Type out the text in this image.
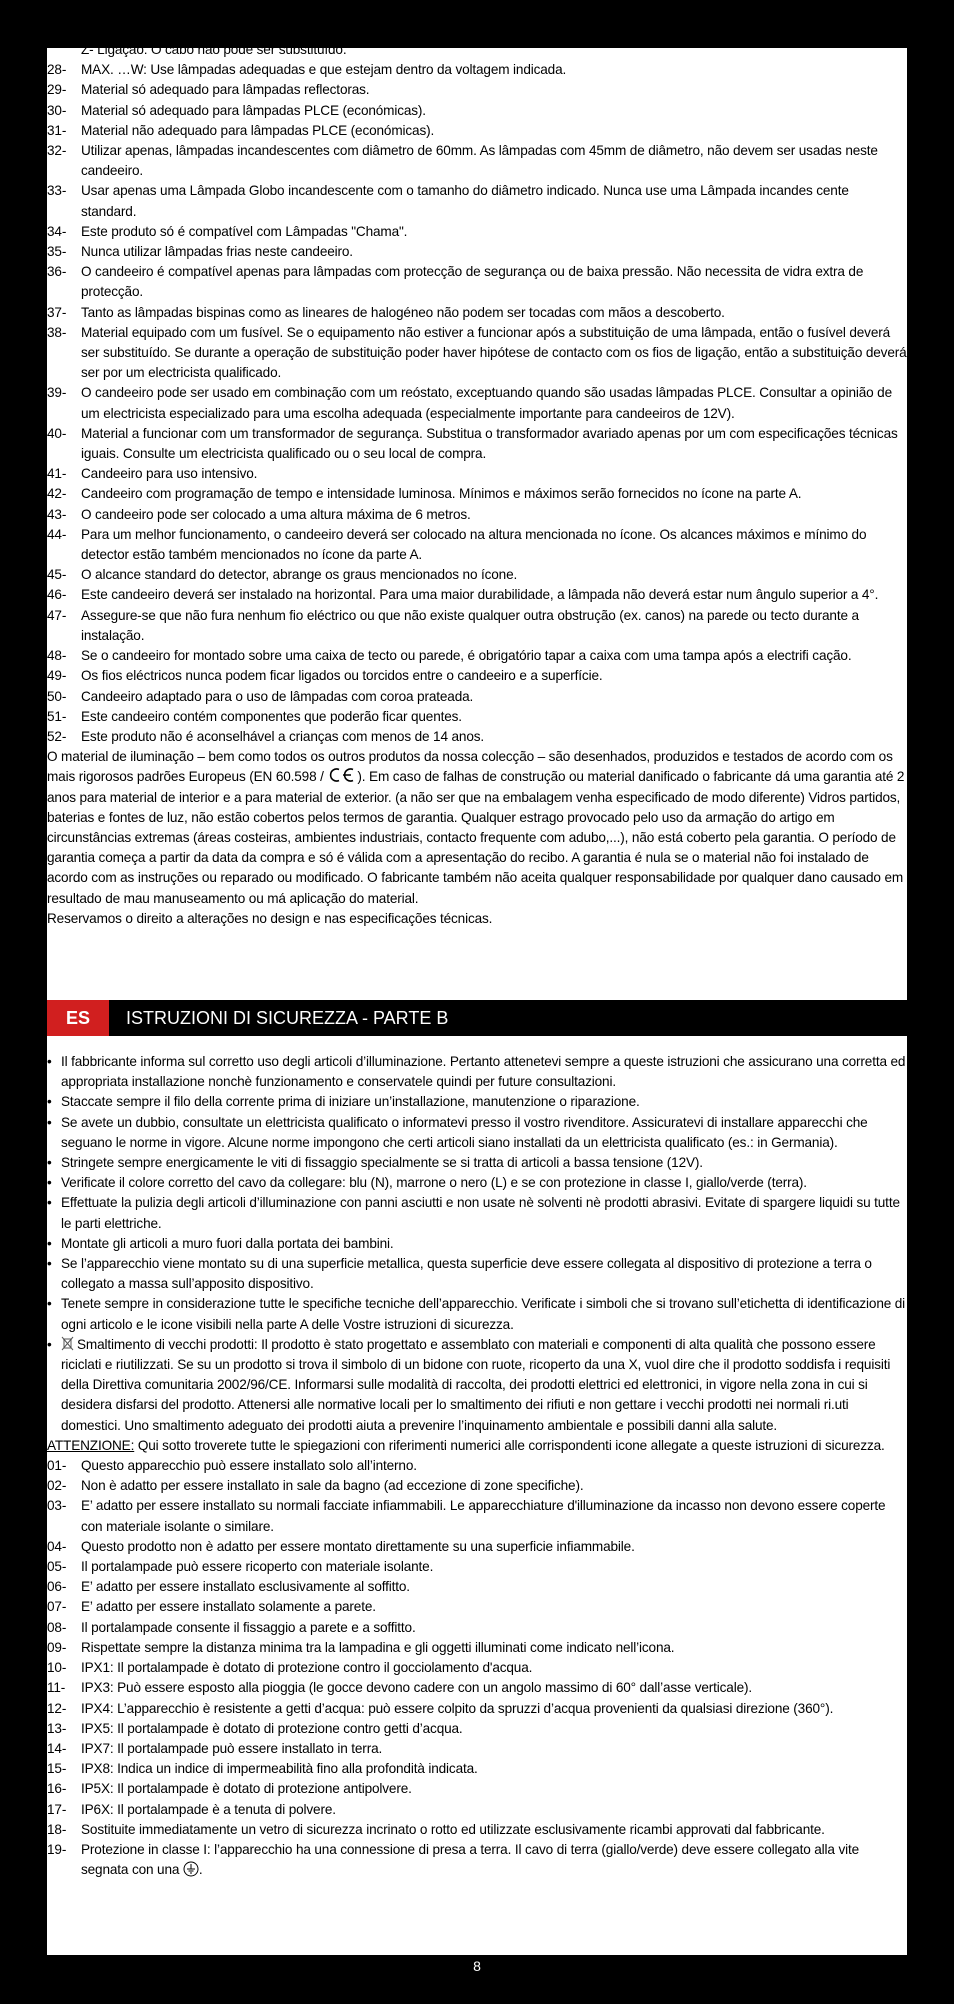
Z- Ligação: O cabo não pode ser substituído.
28-	MAX. …W: Use lâmpadas adequadas e que estejam dentro da voltagem indicada.
29-	Material só adequado para lâmpadas reflectoras.
30-	Material só adequado para lâmpadas PLCE (económicas).
31-	Material não adequado para lâmpadas PLCE (económicas).
32-	Utilizar apenas, lâmpadas incandescentes com diâmetro de 60mm. As lâmpadas com 45mm de diâmetro, não devem ser usadas neste candeeiro.
33-	Usar apenas uma Lâmpada Globo incandescente com o tamanho do diâmetro indicado. Nunca use uma Lâmpada incandes cente standard.
34-	Este produto só é compatível com Lâmpadas "Chama".
35-	Nunca utilizar lâmpadas frias neste candeeiro.
36-	O candeeiro é compatível apenas para lâmpadas com protecção de segurança ou de baixa pressão. Não necessita de vidra extra de protecção.
37-	Tanto as lâmpadas bispinas como as lineares de halogéneo não podem ser tocadas com mãos a descoberto.
38-	Material equipado com um fusível. Se o equipamento não estiver a funcionar após a substituição de uma lâmpada, então o fusível deverá ser substituído. Se durante a operação de substituição poder haver hipótese de contacto com os fios de ligação, então a substituição deverá ser por um electricista qualificado.
39-	O candeeiro pode ser usado em combinação com um reóstato, exceptuando quando são usadas lâmpadas PLCE. Consultar a opinião de um electricista especializado para uma escolha adequada (especialmente importante para candeeiros de 12V).
40-	Material a funcionar com um transformador de segurança. Substitua o transformador avariado apenas por um com especificações técnicas iguais. Consulte um electricista qualificado ou o seu local de compra.
41-	Candeeiro para uso intensivo.
42-	Candeeiro com programação de tempo e intensidade luminosa. Mínimos e máximos serão fornecidos no ícone na parte A.
43-	O candeeiro pode ser colocado a uma altura máxima de 6 metros.
44-	Para um melhor funcionamento, o candeeiro deverá ser colocado na altura mencionada no ícone. Os alcances máximos e mínimo do detector estão também mencionados no ícone da parte A.
45-	O alcance standard do detector, abrange os graus mencionados no ícone.
46-	Este candeeiro deverá ser instalado na horizontal. Para uma maior durabilidade, a lâmpada não deverá estar num ângulo superior a 4°.
47-	Assegure-se que não fura nenhum fio eléctrico ou que não existe qualquer outra obstrução (ex. canos) na parede ou tecto durante a instalação.
48-	Se o candeeiro for montado sobre uma caixa de tecto ou parede, é obrigatório tapar a caixa com uma tampa após a electrifi cação.
49-	Os fios eléctricos nunca podem ficar ligados ou torcidos entre o candeeiro e a superfície.
50-	Candeeiro adaptado para o uso de lâmpadas com coroa prateada.
51-	Este candeeiro contém componentes que poderão ficar quentes.
52-	Este produto não é aconselhável a crianças com menos de 14 anos.
O material de iluminação – bem como todos os outros produtos da nossa colecção – são desenhados, produzidos e testados de acordo com os mais rigorosos padrões Europeus (EN 60.598 / ). Em caso de falhas de construção ou material danificado o fabricante dá uma garantia até 2 anos para material de interior e a para material de exterior. (a não ser que na embalagem venha especificado de modo diferente) Vidros partidos, baterias e fontes de luz, não estão cobertos pelos termos de garantia. Qualquer estrago provocado pelo uso da armação do artigo em circunstâncias extremas (áreas costeiras, ambientes industriais, contacto frequente com adubo,...), não está coberto pela garantia. O período de garantia começa a partir da data da compra e só é válida com a apresentação do recibo. A garantia é nula se o material não foi instalado de acordo com as instruções ou reparado ou modificado. O fabricante também não aceita qualquer responsabilidade por qualquer dano causado em resultado de mau manuseamento ou má aplicação do material.
Reservamos o direito a alterações no design e nas especificações técnicas.
ES	ISTRUZIONI DI SICUREZZA - PARTE B
• Il fabbricante informa sul corretto uso degli articoli d’illuminazione. Pertanto attenetevi sempre a queste istruzioni che assicurano una corretta ed appropriata installazione nonchè funzionamento e conservatele quindi per future consultazioni.
• Staccate sempre il filo della corrente prima di iniziare un’installazione, manutenzione o riparazione.
• Se avete un dubbio, consultate un elettricista qualificato o informatevi presso il vostro rivenditore. Assicuratevi di installare apparecchi che seguano le norme in vigore. Alcune norme impongono che certi articoli siano installati da un elettricista qualificato (es.: in Germania).
• Stringete sempre energicamente le viti di fissaggio specialmente se si tratta di articoli a bassa tensione (12V).
• Verificate il colore corretto del cavo da collegare: blu (N), marrone o nero (L) e se con protezione in classe I, giallo/verde (terra).
• Effettuate la pulizia degli articoli d’illuminazione con panni asciutti e non usate nè solventi nè prodotti abrasivi. Evitate di spargere liquidi su tutte le parti elettriche.
• Montate gli articoli a muro fuori dalla portata dei bambini.
• Se l’apparecchio viene montato su di una superficie metallica, questa superficie deve essere collegata al dispositivo di protezione a terra o collegato a massa sull’apposito dispositivo.
• Tenete sempre in considerazione tutte le specifiche tecniche dell’apparecchio. Verificate i simboli che si trovano sull’etichetta di identificazione di ogni articolo e le icone visibili nella parte A delle Vostre istruzioni di sicurezza.
•	Smaltimento di vecchi prodotti: Il prodotto è stato progettato e assemblato con materiali e componenti di alta qualità che possono essere riciclati e riutilizzati. Se su un prodotto si trova il simbolo di un bidone con ruote, ricoperto da una X, vuol dire che il prodotto soddisfa i requisiti della Direttiva comunitaria 2002/96/CE. Informarsi sulle modalità di raccolta, dei prodotti elettrici ed elettronici, in vigore nella zona in cui si desidera disfarsi del prodotto. Attenersi alle normative locali per lo smaltimento dei rifiuti e non gettare i vecchi prodotti nei normali ri.uti domestici. Uno smaltimento adeguato dei prodotti aiuta a prevenire l’inquinamento ambientale e possibili danni alla salute.
ATTENZIONE: Qui sotto troverete tutte le spiegazioni con riferimenti numerici alle corrispondenti icone allegate a queste istruzioni di sicurezza.
01-	Questo apparecchio può essere installato solo all’interno.
02-	Non è adatto per essere installato in sale da bagno (ad eccezione di zone specifiche).
03-	E’ adatto per essere installato su normali facciate infiammabili. Le apparecchiature d'illuminazione da incasso non devono essere coperte con materiale isolante o similare.
04-	Questo prodotto non è adatto per essere montato direttamente su una superficie infiammabile.
05-	Il portalampade può essere ricoperto con materiale isolante.
06-	E’ adatto per essere installato esclusivamente al soffitto.
07-	E’ adatto per essere installato solamente a parete.
08-	Il portalampade consente il fissaggio a parete e a soffitto.
09-	Rispettate sempre la distanza minima tra la lampadina e gli oggetti illuminati come indicato nell’icona.
10-	IPX1: Il portalampade è dotato di protezione contro il gocciolamento d'acqua.
11-	IPX3: Può essere esposto alla pioggia (le gocce devono cadere con un angolo massimo di 60° dall’asse verticale).
12-	IPX4: L’apparecchio è resistente a getti d’acqua: può essere colpito da spruzzi d’acqua provenienti da qualsiasi direzione (360°).
13-	IPX5: Il portalampade è dotato di protezione contro getti d’acqua.
14-	IPX7: Il portalampade può essere installato in terra.
15-	IPX8: Indica un indice di impermeabilità fino alla profondità indicata.
16-	IP5X: Il portalampade è dotato di protezione antipolvere.
17-	IP6X: Il portalampade è a tenuta di polvere.
18-	Sostituite immediatamente un vetro di sicurezza incrinato o rotto ed utilizzate esclusivamente ricambi approvati dal fabbricante.
19-	Protezione in classe I: l’apparecchio ha una connessione di presa a terra. Il cavo di terra (giallo/verde) deve essere collegato alla vite segnata con una .
8
